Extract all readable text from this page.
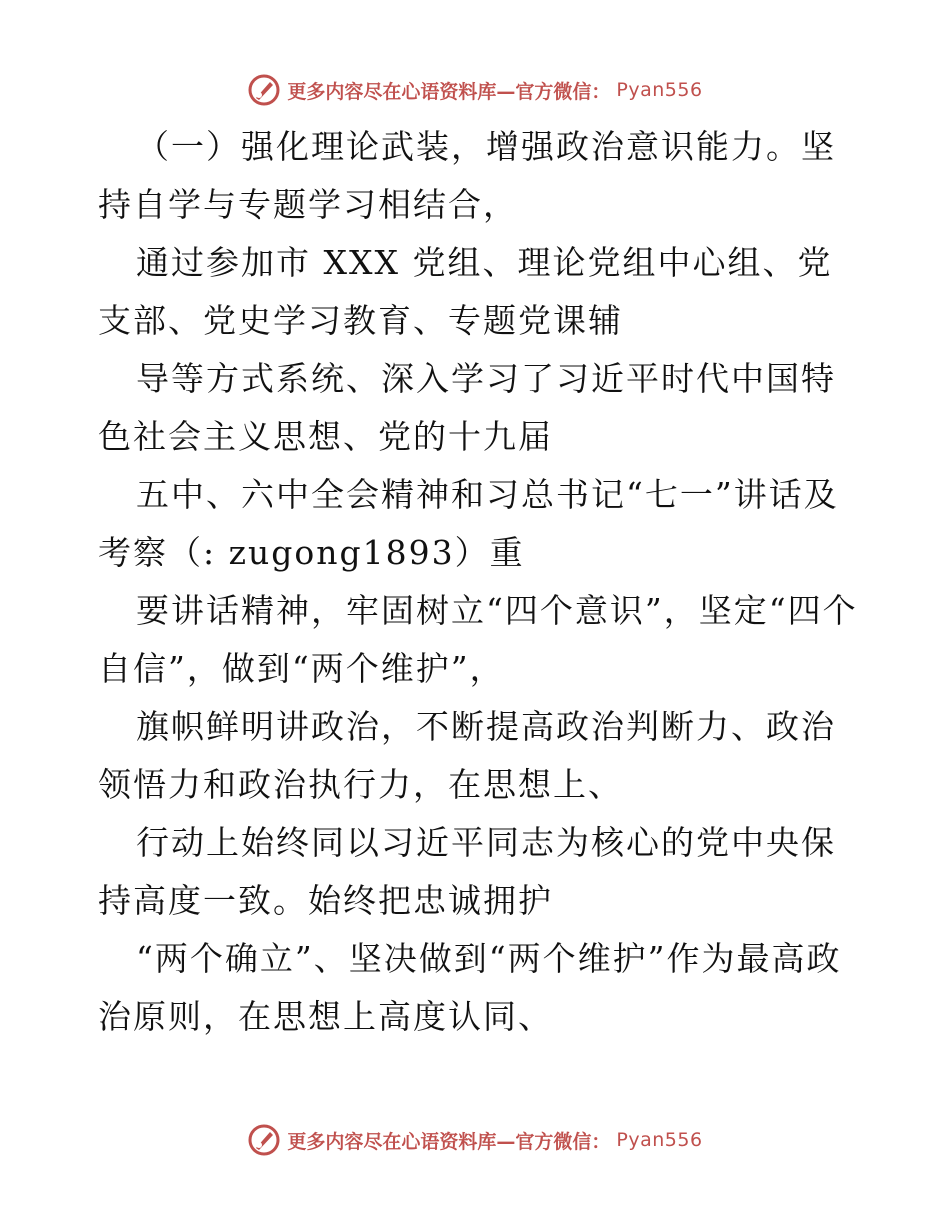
更多内容尽在心语资料库—官方微信： Pyan556

（一）强化理论武装，增强政治意识能力。坚持自学与专题学习相结合，

通过参加市 XXX 党组、理论党组中心组、党支部、党史学习教育、专题党课辅

导等方式系统、深入学习了习近平时代中国特色社会主义思想、党的十九届

五中、六中全会精神和习总书记“七一”讲话及考察（: zugong1893）重

要讲话精神，牢固树立“四个意识”，坚定“四个自信”，做到“两个维护”，

旗帜鲜明讲政治，不断提高政治判断力、政治领悟力和政治执行力，在思想上、

行动上始终同以习近平同志为核心的党中央保持高度一致。始终把忠诚拥护

“两个确立”、坚决做到“两个维护”作为最高政治原则，在思想上高度认同、

更多内容尽在心语资料库—官方微信： Pyan556
